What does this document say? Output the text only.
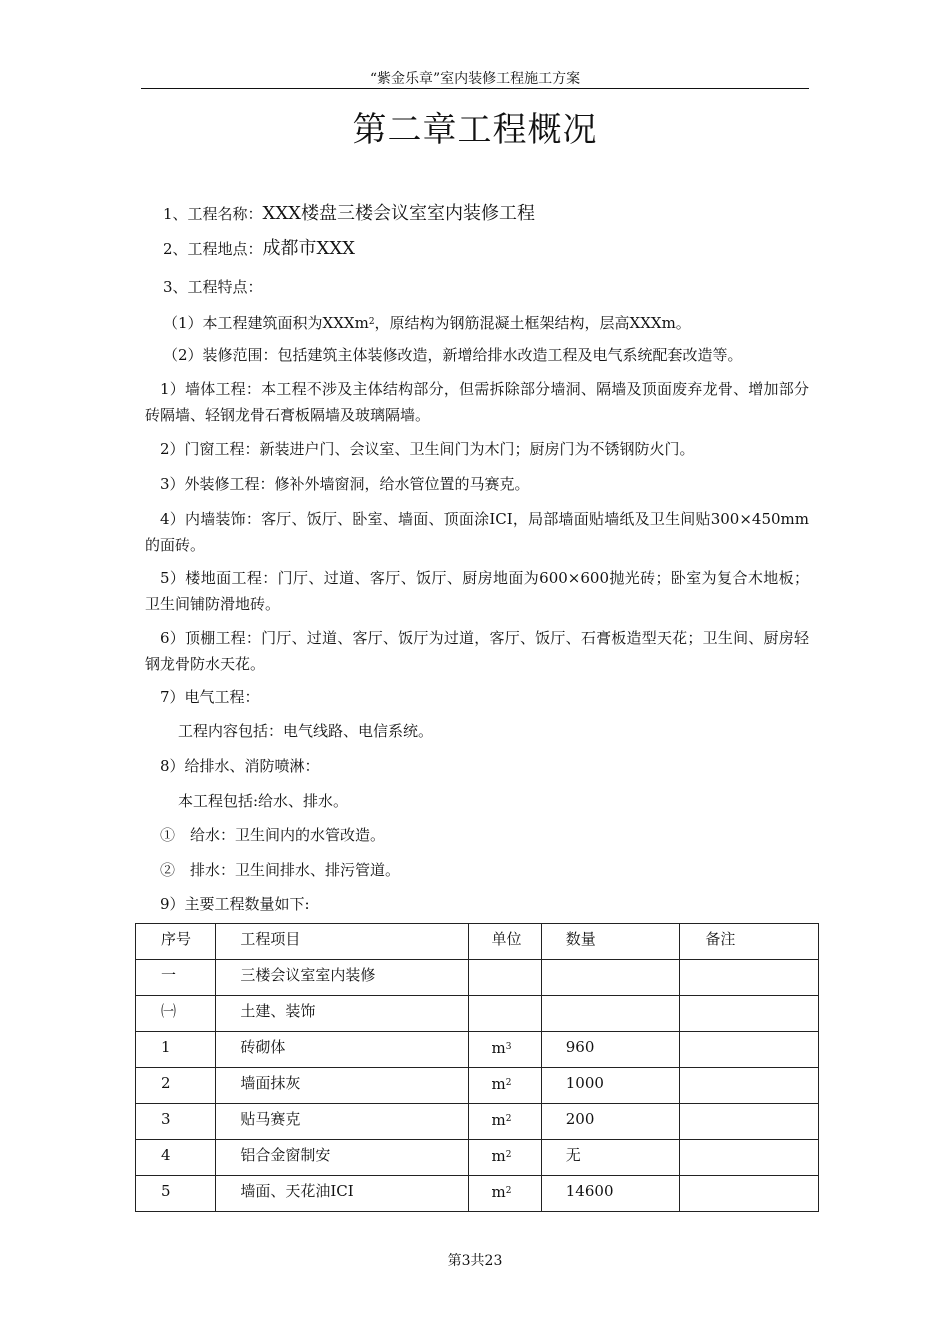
“紫金乐章”室内装修工程施工方案
第二章工程概况
1、工程名称：XXX楼盘三楼会议室室内装修工程
2、工程地点：成都市XXX
3、工程特点：
（1）本工程建筑面积为XXXm$^2$，原结构为钢筋混凝土框架结构，层高XXXm。
（2）装修范围：包括建筑主体装修改造，新增给排水改造工程及电气系统配套改造等。
1）墙体工程：本工程不涉及主体结构部分，但需拆除部分墙洞、隔墙及顶面废弃龙骨、增加部分砖隔墙、轻钢龙骨石膏板隔墙及玻璃隔墙。
2）门窗工程：新装进户门、会议室、卫生间门为木门；厨房门为不锈钢防火门。
3）外装修工程：修补外墙窗洞，给水管位置的马赛克。
4）内墙装饰：客厅、饭厅、卧室、墙面、顶面涂ICI，局部墙面贴墙纸及卫生间贴300×450mm的面砖。
5）楼地面工程：门厅、过道、客厅、饭厅、厨房地面为600×600抛光砖；卧室为复合木地板；卫生间铺防滑地砖。
6）顶棚工程：门厅、过道、客厅、饭厅为过道，客厅、饭厅、石膏板造型天花；卫生间、厨房轻钢龙骨防水天花。
7）电气工程：
工程内容包括：电气线路、电信系统。
8）给排水、消防喷淋：
本工程包括:给水、排水。
①　给水：卫生间内的水管改造。
②　排水：卫生间排水、排污管道。
9）主要工程数量如下:
序号	工程项目	单位	数量	备注
一	三楼会议室室内装修			
㈠	土建、装饰			
1	砖砌体	$m^3$	960	
2	墙面抹灰	$m^2$	1000	
3	贴马赛克	$m^2$	200	
4	铝合金窗制安	$m^2$	无	
5	墙面、天花油ICI	$m^2$	14600	
第3共23
